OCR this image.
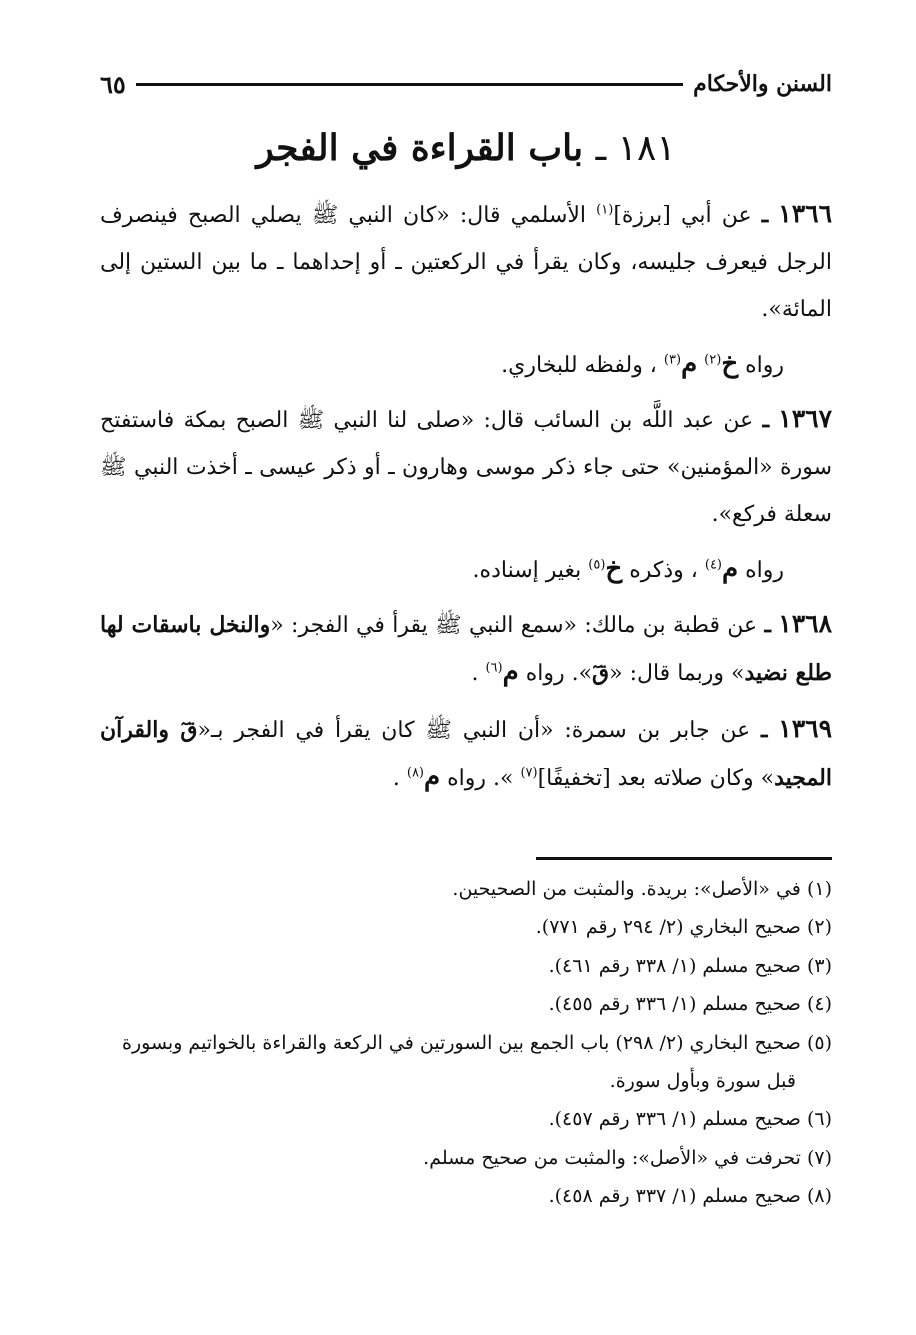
السنن والأحكام
٦٥
١٨١ ـ باب القراءة في الفجر

١٣٦٦ ـ عن أبي [برزة]$^{(١)}$ الأسلمي قال: «كان النبي ﷺ يصلي الصبح فينصرف الرجل فيعرف جليسه، وكان يقرأ في الركعتين ـ أو إحداهما ـ ما بين الستين إلى المائة».

رواه خ$^{(٢)}$ م$^{(٣)}$ ، ولفظه للبخاري.

١٣٦٧ ـ عن عبد اللَّه بن السائب قال: «صلى لنا النبي ﷺ الصبح بمكة فاستفتح سورة «المؤمنين» حتى جاء ذكر موسى وهارون ـ أو ذكر عيسى ـ أخذت النبي ﷺ سعلة فركع».

رواه م$^{(٤)}$ ، وذكره خ$^{(٥)}$ بغير إسناده.

١٣٦٨ ـ عن قطبة بن مالك: «سمع النبي ﷺ يقرأ في الفجر: «والنخل باسقات لها طلع نضيد» وربما قال: «قٓ». رواه م$^{(٦)}$ .

١٣٦٩ ـ عن جابر بن سمرة: «أن النبي ﷺ كان يقرأ في الفجر بـ«قٓ والقرآن المجيد» وكان صلاته بعد [تخفيفًا]$^{(٧)}$ ». رواه م$^{(٨)}$ .

(١) في «الأصل»: بريدة. والمثبت من الصحيحين.

(٢) صحيح البخاري (٢/ ٢٩٤ رقم ٧٧١).

(٣) صحيح مسلم (١/ ٣٣٨ رقم ٤٦١).

(٤) صحيح مسلم (١/ ٣٣٦ رقم ٤٥٥).

(٥) صحيح البخاري (٢/ ٢٩٨) باب الجمع بين السورتين في الركعة والقراءة بالخواتيم وبسورة
قبل سورة وبأول سورة.

(٦) صحيح مسلم (١/ ٣٣٦ رقم ٤٥٧).

(٧) تحرفت في «الأصل»: والمثبت من صحيح مسلم.

(٨) صحيح مسلم (١/ ٣٣٧ رقم ٤٥٨).
